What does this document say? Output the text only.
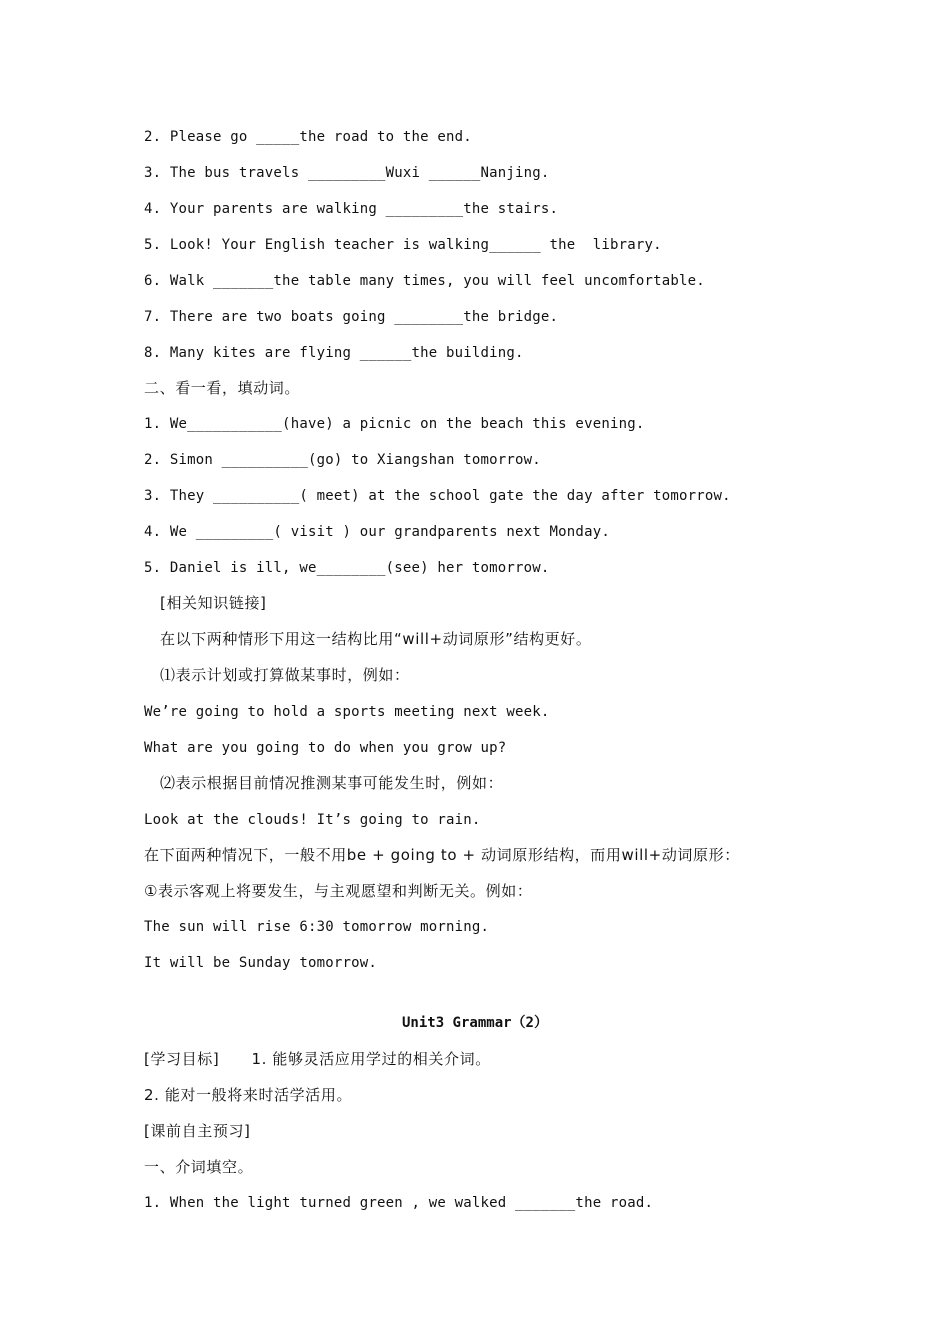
2. Please go _____the road to the end.
3. The bus travels _________Wuxi ______Nanjing.
4. Your parents are walking _________the stairs.
5. Look! Your English teacher is walking______ the  library.
6. Walk _______the table many times, you will feel uncomfortable.
7. There are two boats going ________the bridge.
8. Many kites are flying ______the building.
二、看一看，填动词。
1. We___________(have) a picnic on the beach this evening.
2. Simon __________(go) to Xiangshan tomorrow.
3. They __________( meet) at the school gate the day after tomorrow.
4. We _________( visit ) our grandparents next Monday.
5. Daniel is ill, we________(see) her tomorrow.
[相关知识链接]
在以下两种情形下用这一结构比用“will+动词原形”结构更好。
⑴表示计划或打算做某事时，例如：
We’re going to hold a sports meeting next week.
What are you going to do when you grow up?
⑵表示根据目前情况推测某事可能发生时，例如：
Look at the clouds! It’s going to rain.
在下面两种情况下，一般不用be + going to + 动词原形结构，而用will+动词原形：
①表示客观上将要发生，与主观愿望和判断无关。例如：
The sun will rise 6:30 tomorrow morning.
It will be Sunday tomorrow.
Unit3 Grammar（2）
[学习目标]      1. 能够灵活应用学过的相关介词。
2. 能对一般将来时活学活用。
[课前自主预习]
一、介词填空。
1. When the light turned green , we walked _______the road.
